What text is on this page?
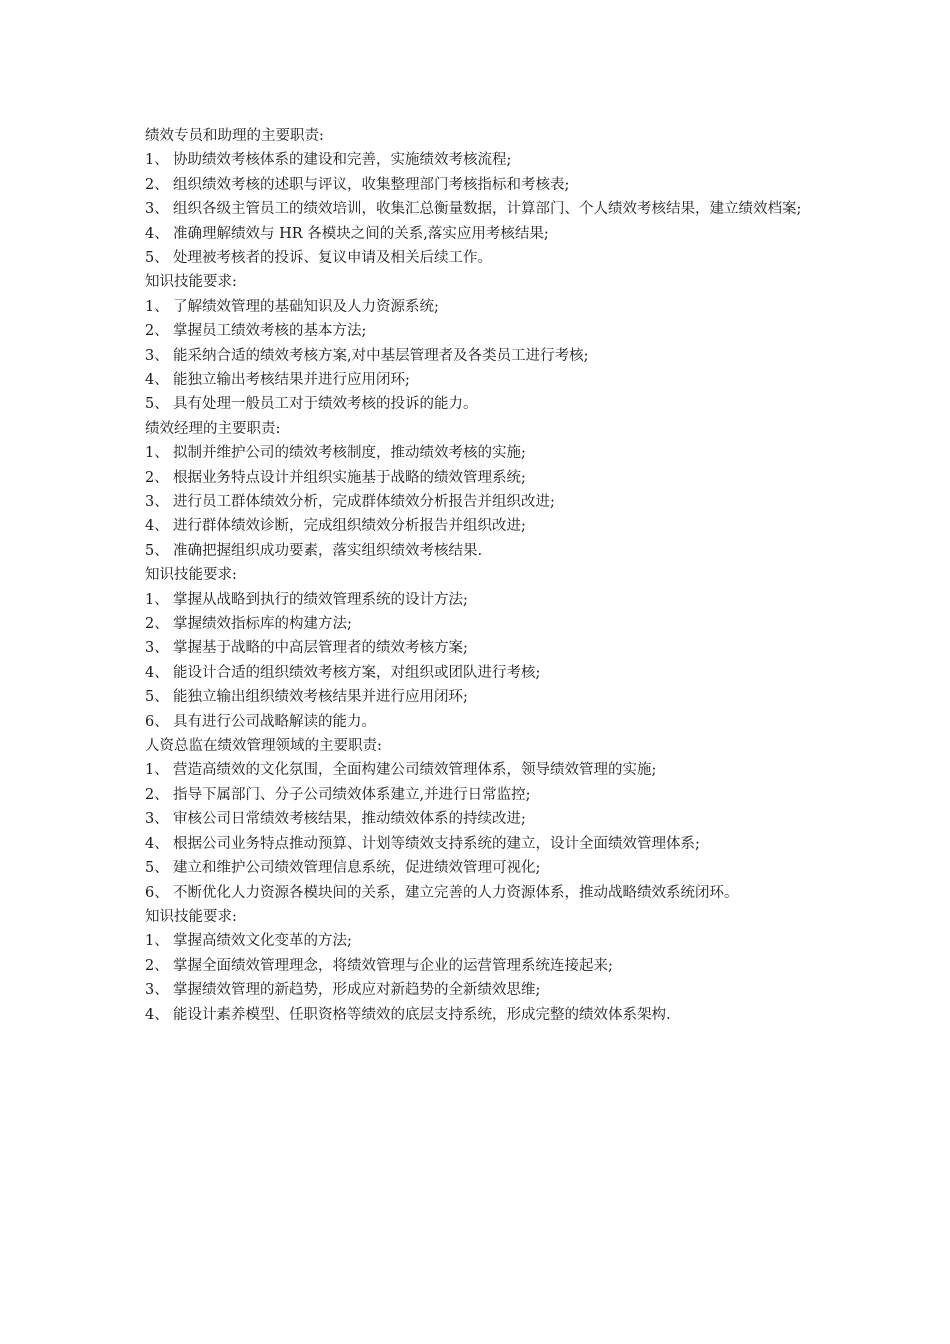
绩效专员和助理的主要职责:

1、 协助绩效考核体系的建设和完善，实施绩效考核流程;
2、 组织绩效考核的述职与评议，收集整理部门考核指标和考核表;
3、 组织各级主管员工的绩效培训，收集汇总衡量数据，计算部门、个人绩效考核结果，建立绩效档案;
4、 准确理解绩效与 HR 各模块之间的关系,落实应用考核结果;
5、 处理被考核者的投诉、复议申请及相关后续工作。

知识技能要求:

1、 了解绩效管理的基础知识及人力资源系统;
2、 掌握员工绩效考核的基本方法;
3、 能采纳合适的绩效考核方案,对中基层管理者及各类员工进行考核;
4、 能独立输出考核结果并进行应用闭环;
5、 具有处理一般员工对于绩效考核的投诉的能力。

绩效经理的主要职责:

1、 拟制并维护公司的绩效考核制度，推动绩效考核的实施;
2、 根据业务特点设计并组织实施基于战略的绩效管理系统;
3、 进行员工群体绩效分析，完成群体绩效分析报告并组织改进;
4、 进行群体绩效诊断，完成组织绩效分析报告并组织改进;
5、 准确把握组织成功要素，落实组织绩效考核结果.

知识技能要求:

1、 掌握从战略到执行的绩效管理系统的设计方法;
2、 掌握绩效指标库的构建方法;
3、 掌握基于战略的中高层管理者的绩效考核方案;
4、 能设计合适的组织绩效考核方案，对组织或团队进行考核;
5、 能独立输出组织绩效考核结果并进行应用闭环;
6、 具有进行公司战略解读的能力。

人资总监在绩效管理领域的主要职责:

1、 营造高绩效的文化氛围，全面构建公司绩效管理体系，领导绩效管理的实施;
2、 指导下属部门、分子公司绩效体系建立,并进行日常监控;
3、 审核公司日常绩效考核结果，推动绩效体系的持续改进;
4、 根据公司业务特点推动预算、计划等绩效支持系统的建立，设计全面绩效管理体系;
5、 建立和维护公司绩效管理信息系统，促进绩效管理可视化;
6、 不断优化人力资源各模块间的关系，建立完善的人力资源体系，推动战略绩效系统闭环。

知识技能要求:

1、 掌握高绩效文化变革的方法;
2、 掌握全面绩效管理理念，将绩效管理与企业的运营管理系统连接起来;
3、 掌握绩效管理的新趋势，形成应对新趋势的全新绩效思维;
4、 能设计素养模型、任职资格等绩效的底层支持系统，形成完整的绩效体系架构.
